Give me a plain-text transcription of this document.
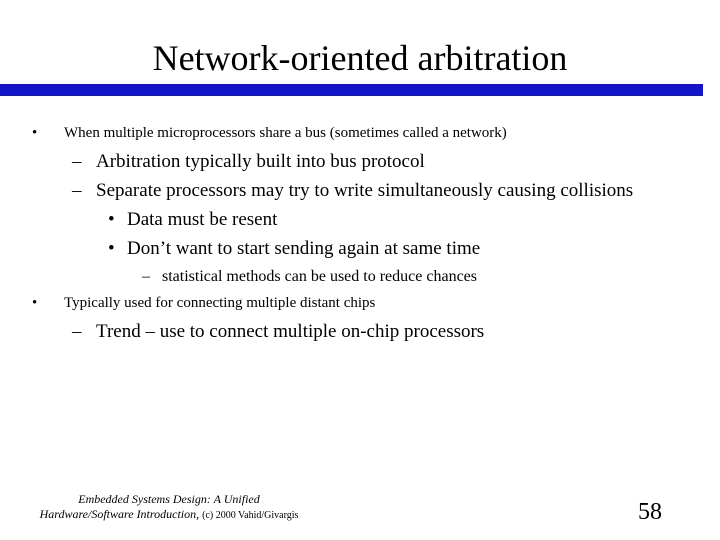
Network-oriented arbitration
• When multiple microprocessors share a bus (sometimes called a network)
– Arbitration typically built into bus protocol
– Separate processors may try to write simultaneously causing collisions
• Data must be resent
• Don’t want to start sending again at same time
– statistical methods can be used to reduce chances
• Typically used for connecting multiple distant chips
– Trend – use to connect multiple on-chip processors
Embedded Systems Design: A Unified
Hardware/Software Introduction, (c) 2000 Vahid/Givargis	58
